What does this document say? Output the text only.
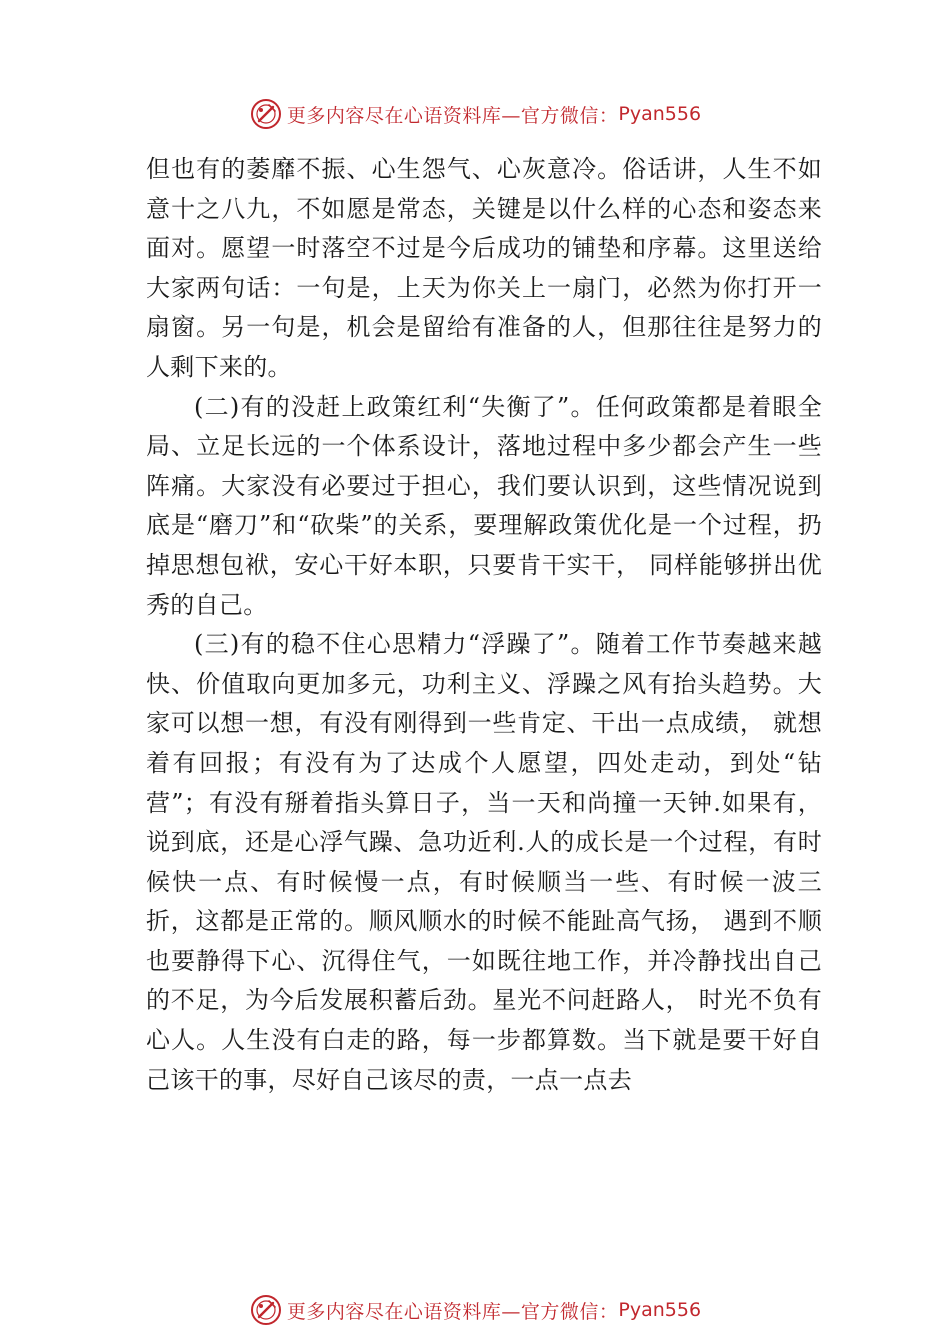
更多内容尽在心语资料库—官方微信： Pyan556

但也有的萎靡不振、心生怨气、心灰意冷。俗话讲，人生不如意十之八九，不如愿是常态，关键是以什么样的心态和姿态来面对。愿望一时落空不过是今后成功的铺垫和序幕。这里送给大家两句话：一句是，上天为你关上一扇门，必然为你打开一扇窗。另一句是，机会是留给有准备的人，但那往往是努力的人剩下来的。

(二)有的没赶上政策红利“失衡了”。任何政策都是着眼全局、立足长远的一个体系设计，落地过程中多少都会产生一些阵痛。大家没有必要过于担心，我们要认识到，这些情况说到底是“磨刀”和“砍柴”的关系，要理解政策优化是一个过程，扔掉思想包袱，安心干好本职，只要肯干实干， 同样能够拼出优秀的自己。

(三)有的稳不住心思精力“浮躁了”。随着工作节奏越来越快、价值取向更加多元，功利主义、浮躁之风有抬头趋势。大家可以想一想，有没有刚得到一些肯定、干出一点成绩， 就想着有回报；有没有为了达成个人愿望，四处走动，到处“钻营”；有没有掰着指头算日子，当一天和尚撞一天钟.如果有，说到底，还是心浮气躁、急功近利.人的成长是一个过程，有时候快一点、有时候慢一点，有时候顺当一些、有时候一波三折，这都是正常的。顺风顺水的时候不能趾高气扬， 遇到不顺也要静得下心、沉得住气，一如既往地工作，并冷静找出自己的不足，为今后发展积蓄后劲。星光不问赶路人， 时光不负有心人。人生没有白走的路，每一步都算数。当下就是要干好自己该干的事，尽好自己该尽的责，一点一点去

更多内容尽在心语资料库—官方微信： Pyan556
